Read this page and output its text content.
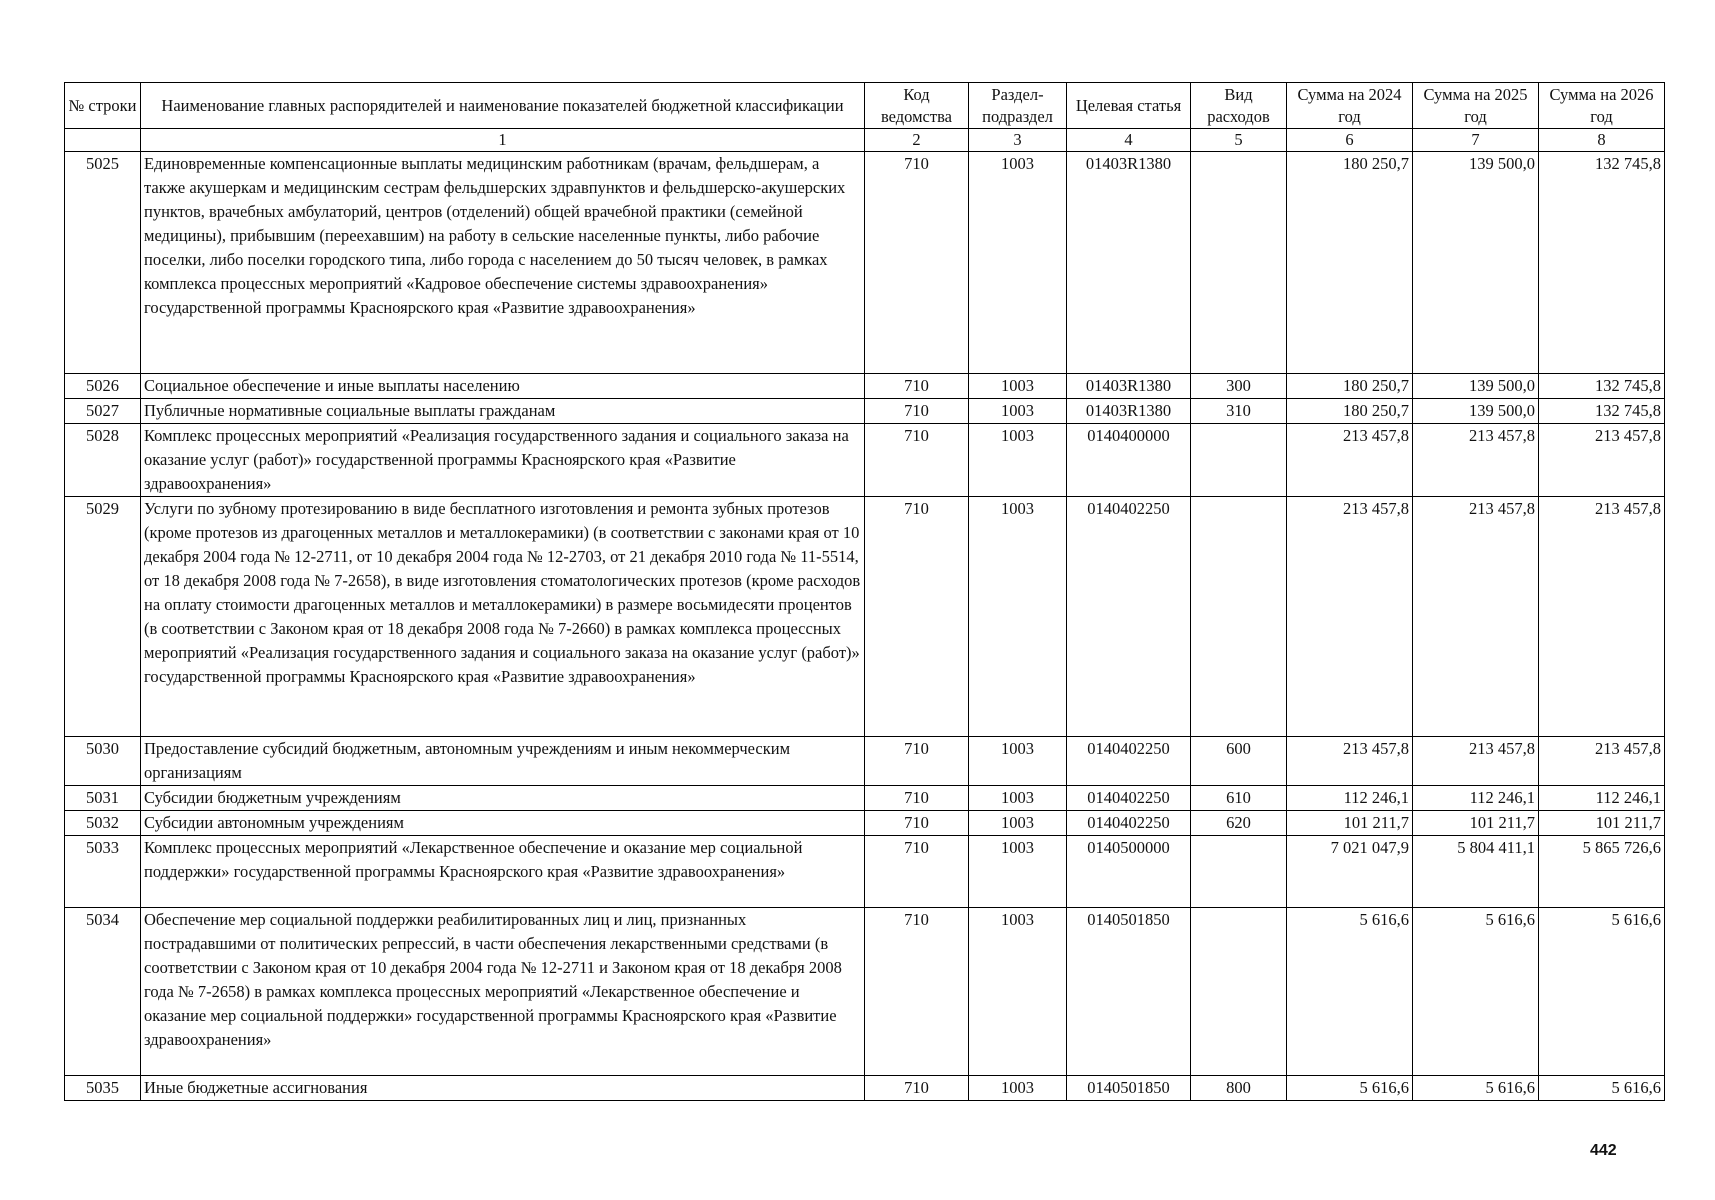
№ строки	Наименование главных распорядителей и наименование показателей бюджетной классификации	Код ведомства	Раздел-подраздел	Целевая статья	Вид расходов	Сумма на 2024 год	Сумма на 2025 год	Сумма на 2026 год
	1	2	3	4	5	6	7	8
5025	Единовременные компенсационные выплаты медицинским работникам (врачам, фельдшерам, а также акушеркам и медицинским сестрам фельдшерских здравпунктов и фельдшерско-акушерских пунктов, врачебных амбулаторий, центров (отделений) общей врачебной практики (семейной медицины), прибывшим (переехавшим) на работу в сельские населенные пункты, либо рабочие поселки, либо поселки городского типа, либо города с населением до 50 тысяч человек, в рамках комплекса процессных мероприятий «Кадровое обеспечение системы здравоохранения» государственной программы Красноярского края «Развитие здравоохранения»	710	1003	01403R1380		180 250,7	139 500,0	132 745,8
5026	Социальное обеспечение и иные выплаты населению	710	1003	01403R1380	300	180 250,7	139 500,0	132 745,8
5027	Публичные нормативные социальные выплаты гражданам	710	1003	01403R1380	310	180 250,7	139 500,0	132 745,8
5028	Комплекс процессных мероприятий «Реализация государственного задания и социального заказа на оказание услуг (работ)» государственной программы Красноярского края «Развитие здравоохранения»	710	1003	0140400000		213 457,8	213 457,8	213 457,8
5029	Услуги по зубному протезированию в виде бесплатного изготовления и ремонта зубных протезов (кроме протезов из драгоценных металлов и металлокерамики) (в соответствии с законами края от 10 декабря 2004 года № 12-2711, от 10 декабря 2004 года № 12-2703, от 21 декабря 2010 года № 11-5514, от 18 декабря 2008 года № 7-2658), в виде изготовления стоматологических протезов (кроме расходов на оплату стоимости драгоценных металлов и металлокерамики) в размере восьмидесяти процентов (в соответствии с Законом края от 18 декабря 2008 года № 7-2660) в рамках комплекса процессных мероприятий «Реализация государственного задания и социального заказа на оказание услуг (работ)» государственной программы Красноярского края «Развитие здравоохранения»	710	1003	0140402250		213 457,8	213 457,8	213 457,8
5030	Предоставление субсидий бюджетным, автономным учреждениям и иным некоммерческим организациям	710	1003	0140402250	600	213 457,8	213 457,8	213 457,8
5031	Субсидии бюджетным учреждениям	710	1003	0140402250	610	112 246,1	112 246,1	112 246,1
5032	Субсидии автономным учреждениям	710	1003	0140402250	620	101 211,7	101 211,7	101 211,7
5033	Комплекс процессных мероприятий «Лекарственное обеспечение и оказание мер социальной поддержки» государственной программы Красноярского края «Развитие здравоохранения»	710	1003	0140500000		7 021 047,9	5 804 411,1	5 865 726,6
5034	Обеспечение мер социальной поддержки реабилитированных лиц и лиц, признанных пострадавшими от политических репрессий, в части обеспечения лекарственными средствами (в соответствии с Законом края от 10 декабря 2004 года № 12-2711 и Законом края от 18 декабря 2008 года № 7-2658) в рамках комплекса процессных мероприятий «Лекарственное обеспечение и оказание мер социальной поддержки» государственной программы Красноярского края «Развитие здравоохранения»	710	1003	0140501850		5 616,6	5 616,6	5 616,6
5035	Иные бюджетные ассигнования	710	1003	0140501850	800	5 616,6	5 616,6	5 616,6
442
